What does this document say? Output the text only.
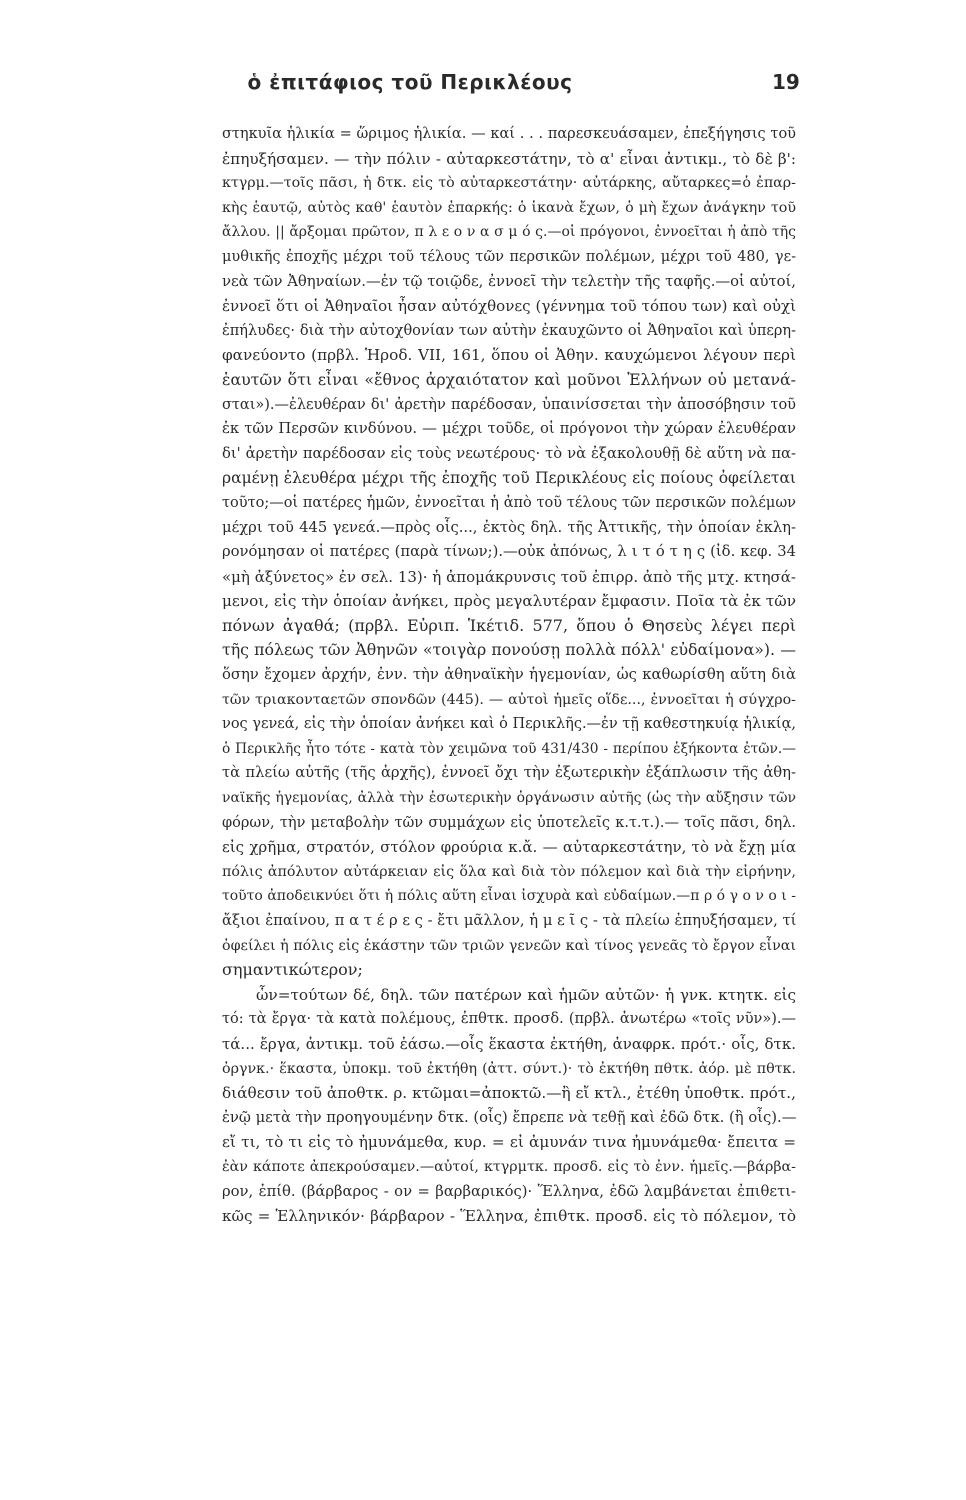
ὁ ἐπιτάφιος τοῦ Περικλέους	19
στηκυῖα ἡλικία = ὥριμος ἡλικία. — καί . . . παρεσκευάσαμεν, ἐπεξήγησις τοῦ
ἐπηυξήσαμεν. — τὴν πόλιν - αὐταρκεστάτην, τὸ α' εἶναι ἀντικμ., τὸ δὲ β':
κτγρμ.—τοῖς πᾶσι, ἡ δτκ. εἰς τὸ αὐταρκεστάτην· αὐτάρκης, αὔταρκες=ὁ ἐπαρ-
κὴς ἑαυτῷ, αὐτὸς καθ' ἑαυτὸν ἐπαρκής: ὁ ἱκανὰ ἔχων, ὁ μὴ ἔχων ἀνάγκην τοῦ
ἄλλου. || ἄρξομαι πρῶτον, π λ ε ο ν α σ μ ό ς.—οἱ πρόγονοι, ἐννοεῖται ἡ ἀπὸ τῆς
μυθικῆς ἐποχῆς μέχρι τοῦ τέλους τῶν περσικῶν πολέμων, μέχρι τοῦ 480, γε-
νεὰ τῶν Ἀθηναίων.—ἐν τῷ τοιῷδε, ἐννοεῖ τὴν τελετὴν τῆς ταφῆς.—οἱ αὐτοί,
ἐννοεῖ ὅτι οἱ Ἀθηναῖοι ἦσαν αὐτόχθονες (γέννημα τοῦ τόπου των) καὶ οὐχὶ
ἐπήλυδες· διὰ τὴν αὐτοχθονίαν των αὐτὴν ἐκαυχῶντο οἱ Ἀθηναῖοι καὶ ὑπερη-
φανεύοντο (πρβλ. Ἡροδ. VII, 161, ὅπου οἱ Ἀθην. καυχώμενοι λέγουν περὶ
ἑαυτῶν ὅτι εἶναι «ἔθνος ἀρχαιότατον καὶ μοῦνοι Ἑλλήνων οὐ μετανά-
σται»).—ἐλευθέραν δι' ἀρετὴν παρέδοσαν, ὑπαινίσσεται τὴν ἀποσόβησιν τοῦ
ἐκ τῶν Περσῶν κινδύνου. — μέχρι τοῦδε, οἱ πρόγονοι τὴν χώραν ἐλευθέραν
δι' ἀρετὴν παρέδοσαν εἰς τοὺς νεωτέρους· τὸ νὰ ἐξακολουθῇ δὲ αὕτη νὰ πα-
ραμένῃ ἐλευθέρα μέχρι τῆς ἐποχῆς τοῦ Περικλέους εἰς ποίους ὀφείλεται
τοῦτο;—οἱ πατέρες ἡμῶν, ἐννοεῖται ἡ ἀπὸ τοῦ τέλους τῶν περσικῶν πολέμων
μέχρι τοῦ 445 γενεά.—πρὸς οἷς..., ἐκτὸς δηλ. τῆς Ἀττικῆς, τὴν ὁποίαν ἐκλη-
ρονόμησαν οἱ πατέρες (παρὰ τίνων;).—οὐκ ἀπόνως, λ ι τ ό τ η ς (ἰδ. κεφ. 34
«μὴ ἀξύνετος» ἐν σελ. 13)· ἡ ἀπομάκρυνσις τοῦ ἐπιρρ. ἀπὸ τῆς μτχ. κτησά-
μενοι, εἰς τὴν ὁποίαν ἀνήκει, πρὸς μεγαλυτέραν ἔμφασιν. Ποῖα τὰ ἐκ τῶν
πόνων ἀγαθά; (πρβλ. Εὐριπ. Ἱκέτιδ. 577, ὅπου ὁ Θησεὺς λέγει περὶ
τῆς πόλεως τῶν Ἀθηνῶν «τοιγὰρ πονούσῃ πολλὰ πόλλ' εὐδαίμονα»). —
ὅσην ἔχομεν ἀρχήν, ἐνν. τὴν ἀθηναϊκὴν ἡγεμονίαν, ὡς καθωρίσθη αὕτη διὰ
τῶν τριακονταετῶν σπονδῶν (445). — αὐτοὶ ἡμεῖς οἵδε..., ἐννοεῖται ἡ σύγχρο-
νος γενεά, εἰς τὴν ὁποίαν ἀνήκει καὶ ὁ Περικλῆς.—ἐν τῇ καθεστηκυίᾳ ἡλικίᾳ,
ὁ Περικλῆς ἦτο τότε - κατὰ τὸν χειμῶνα τοῦ 431/430 - περίπου ἑξήκοντα ἐτῶν.—
τὰ πλείω αὐτῆς (τῆς ἀρχῆς), ἐννοεῖ ὄχι τὴν ἐξωτερικὴν ἐξάπλωσιν τῆς ἀθη-
ναϊκῆς ἡγεμονίας, ἀλλὰ τὴν ἐσωτερικὴν ὀργάνωσιν αὐτῆς (ὡς τὴν αὔξησιν τῶν
φόρων, τὴν μεταβολὴν τῶν συμμάχων εἰς ὑποτελεῖς κ.τ.τ.).— τοῖς πᾶσι, δηλ.
εἰς χρῆμα, στρατόν, στόλον φρούρια κ.ἄ. — αὐταρκεστάτην, τὸ νὰ ἔχῃ μία
πόλις ἀπόλυτον αὐτάρκειαν εἰς ὅλα καὶ διὰ τὸν πόλεμον καὶ διὰ τὴν εἰρήνην,
τοῦτο ἀποδεικνύει ὅτι ἡ πόλις αὕτη εἶναι ἰσχυρὰ καὶ εὐδαίμων.—π ρ ό γ ο ν ο ι -
ἄξιοι ἐπαίνου, π α τ έ ρ ε ς - ἔτι μᾶλλον, ἡ μ ε ῖ ς - τὰ πλείω ἐπηυξήσαμεν, τί
ὀφείλει ἡ πόλις εἰς ἑκάστην τῶν τριῶν γενεῶν καὶ τίνος γενεᾶς τὸ ἔργον εἶναι
σημαντικώτερον;
ὧν=τούτων δέ, δηλ. τῶν πατέρων καὶ ἡμῶν αὐτῶν· ἡ γνκ. κτητκ. εἰς
τό: τὰ ἔργα· τὰ κατὰ πολέμους, ἐπθτκ. προσδ. (πρβλ. ἀνωτέρω «τοῖς νῦν»).—
τά... ἔργα, ἀντικμ. τοῦ ἐάσω.—οἷς ἕκαστα ἐκτήθη, ἀναφρκ. πρότ.· οἷς, δτκ.
ὀργνκ.· ἕκαστα, ὑποκμ. τοῦ ἐκτήθη (ἀττ. σύντ.)· τὸ ἐκτήθη πθτκ. ἀόρ. μὲ πθτκ.
διάθεσιν τοῦ ἀποθτκ. ρ. κτῶμαι=ἀποκτῶ.—ἢ εἴ κτλ., ἐτέθη ὑποθτκ. πρότ.,
ἐνῷ μετὰ τὴν προηγουμένην δτκ. (οἷς) ἔπρεπε νὰ τεθῇ καὶ ἐδῶ δτκ. (ἢ οἷς).—
εἴ τι, τὸ τι εἰς τὸ ἠμυνάμεθα, κυρ. = εἰ ἀμυνάν τινα ἠμυνάμεθα· ἔπειτα =
ἐὰν κάποτε ἀπεκρούσαμεν.—αὐτοί, κτγρμτκ. προσδ. εἰς τὸ ἐνν. ἡμεῖς.—βάρβα-
ρον, ἐπίθ. (βάρβαρος - ον = βαρβαρικός)· Ἕλληνα, ἐδῶ λαμβάνεται ἐπιθετι-
κῶς = Ἑλληνικόν· βάρβαρον - Ἕλληνα, ἐπιθτκ. προσδ. εἰς τὸ πόλεμον, τὸ
